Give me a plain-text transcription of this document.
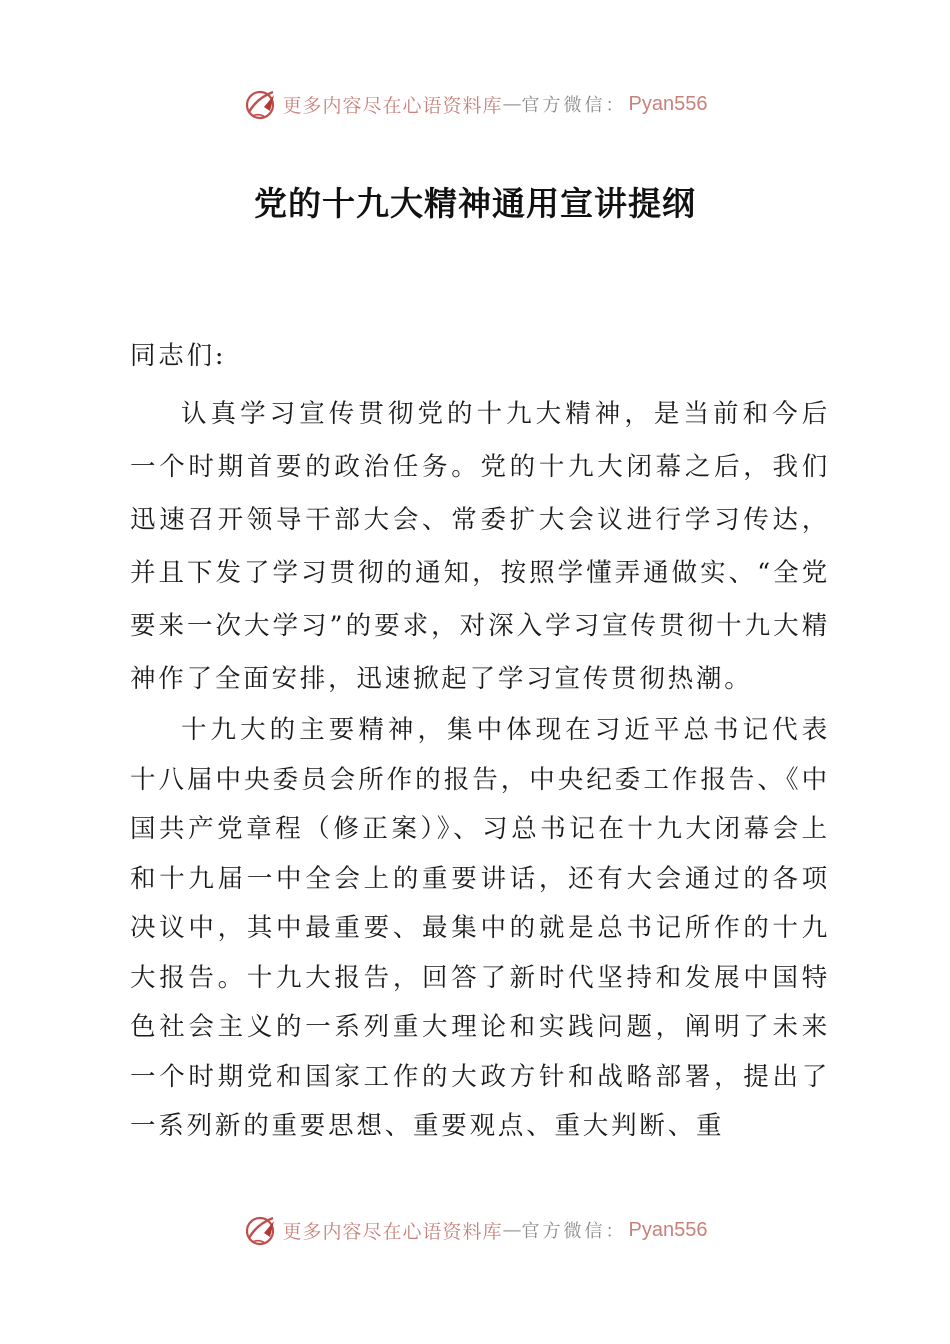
更多内容尽在心语资料库 — 官方微信： Pyan556
党的十九大精神通用宣讲提纲

同志们:

认真学习宣传贯彻党的十九大精神，是当前和今后一个时期首要的政治任务。党的十九大闭幕之后，我们迅速召开领导干部大会、常委扩大会议进行学习传达，并且下发了学习贯彻的通知，按照学懂弄通做实、“全党要来一次大学习”的要求，对深入学习宣传贯彻十九大精神作了全面安排，迅速掀起了学习宣传贯彻热潮。

十九大的主要精神，集中体现在习近平总书记代表十八届中央委员会所作的报告，中央纪委工作报告、《中国共产党章程（修正案）》、习总书记在十九大闭幕会上和十九届一中全会上的重要讲话，还有大会通过的各项决议中，其中最重要、最集中的就是总书记所作的十九大报告。十九大报告，回答了新时代坚持和发展中国特色社会主义的一系列重大理论和实践问题，阐明了未来一个时期党和国家工作的大政方针和战略部署，提出了一系列新的重要思想、重要观点、重大判断、重

更多内容尽在心语资料库 — 官方微信： Pyan556
